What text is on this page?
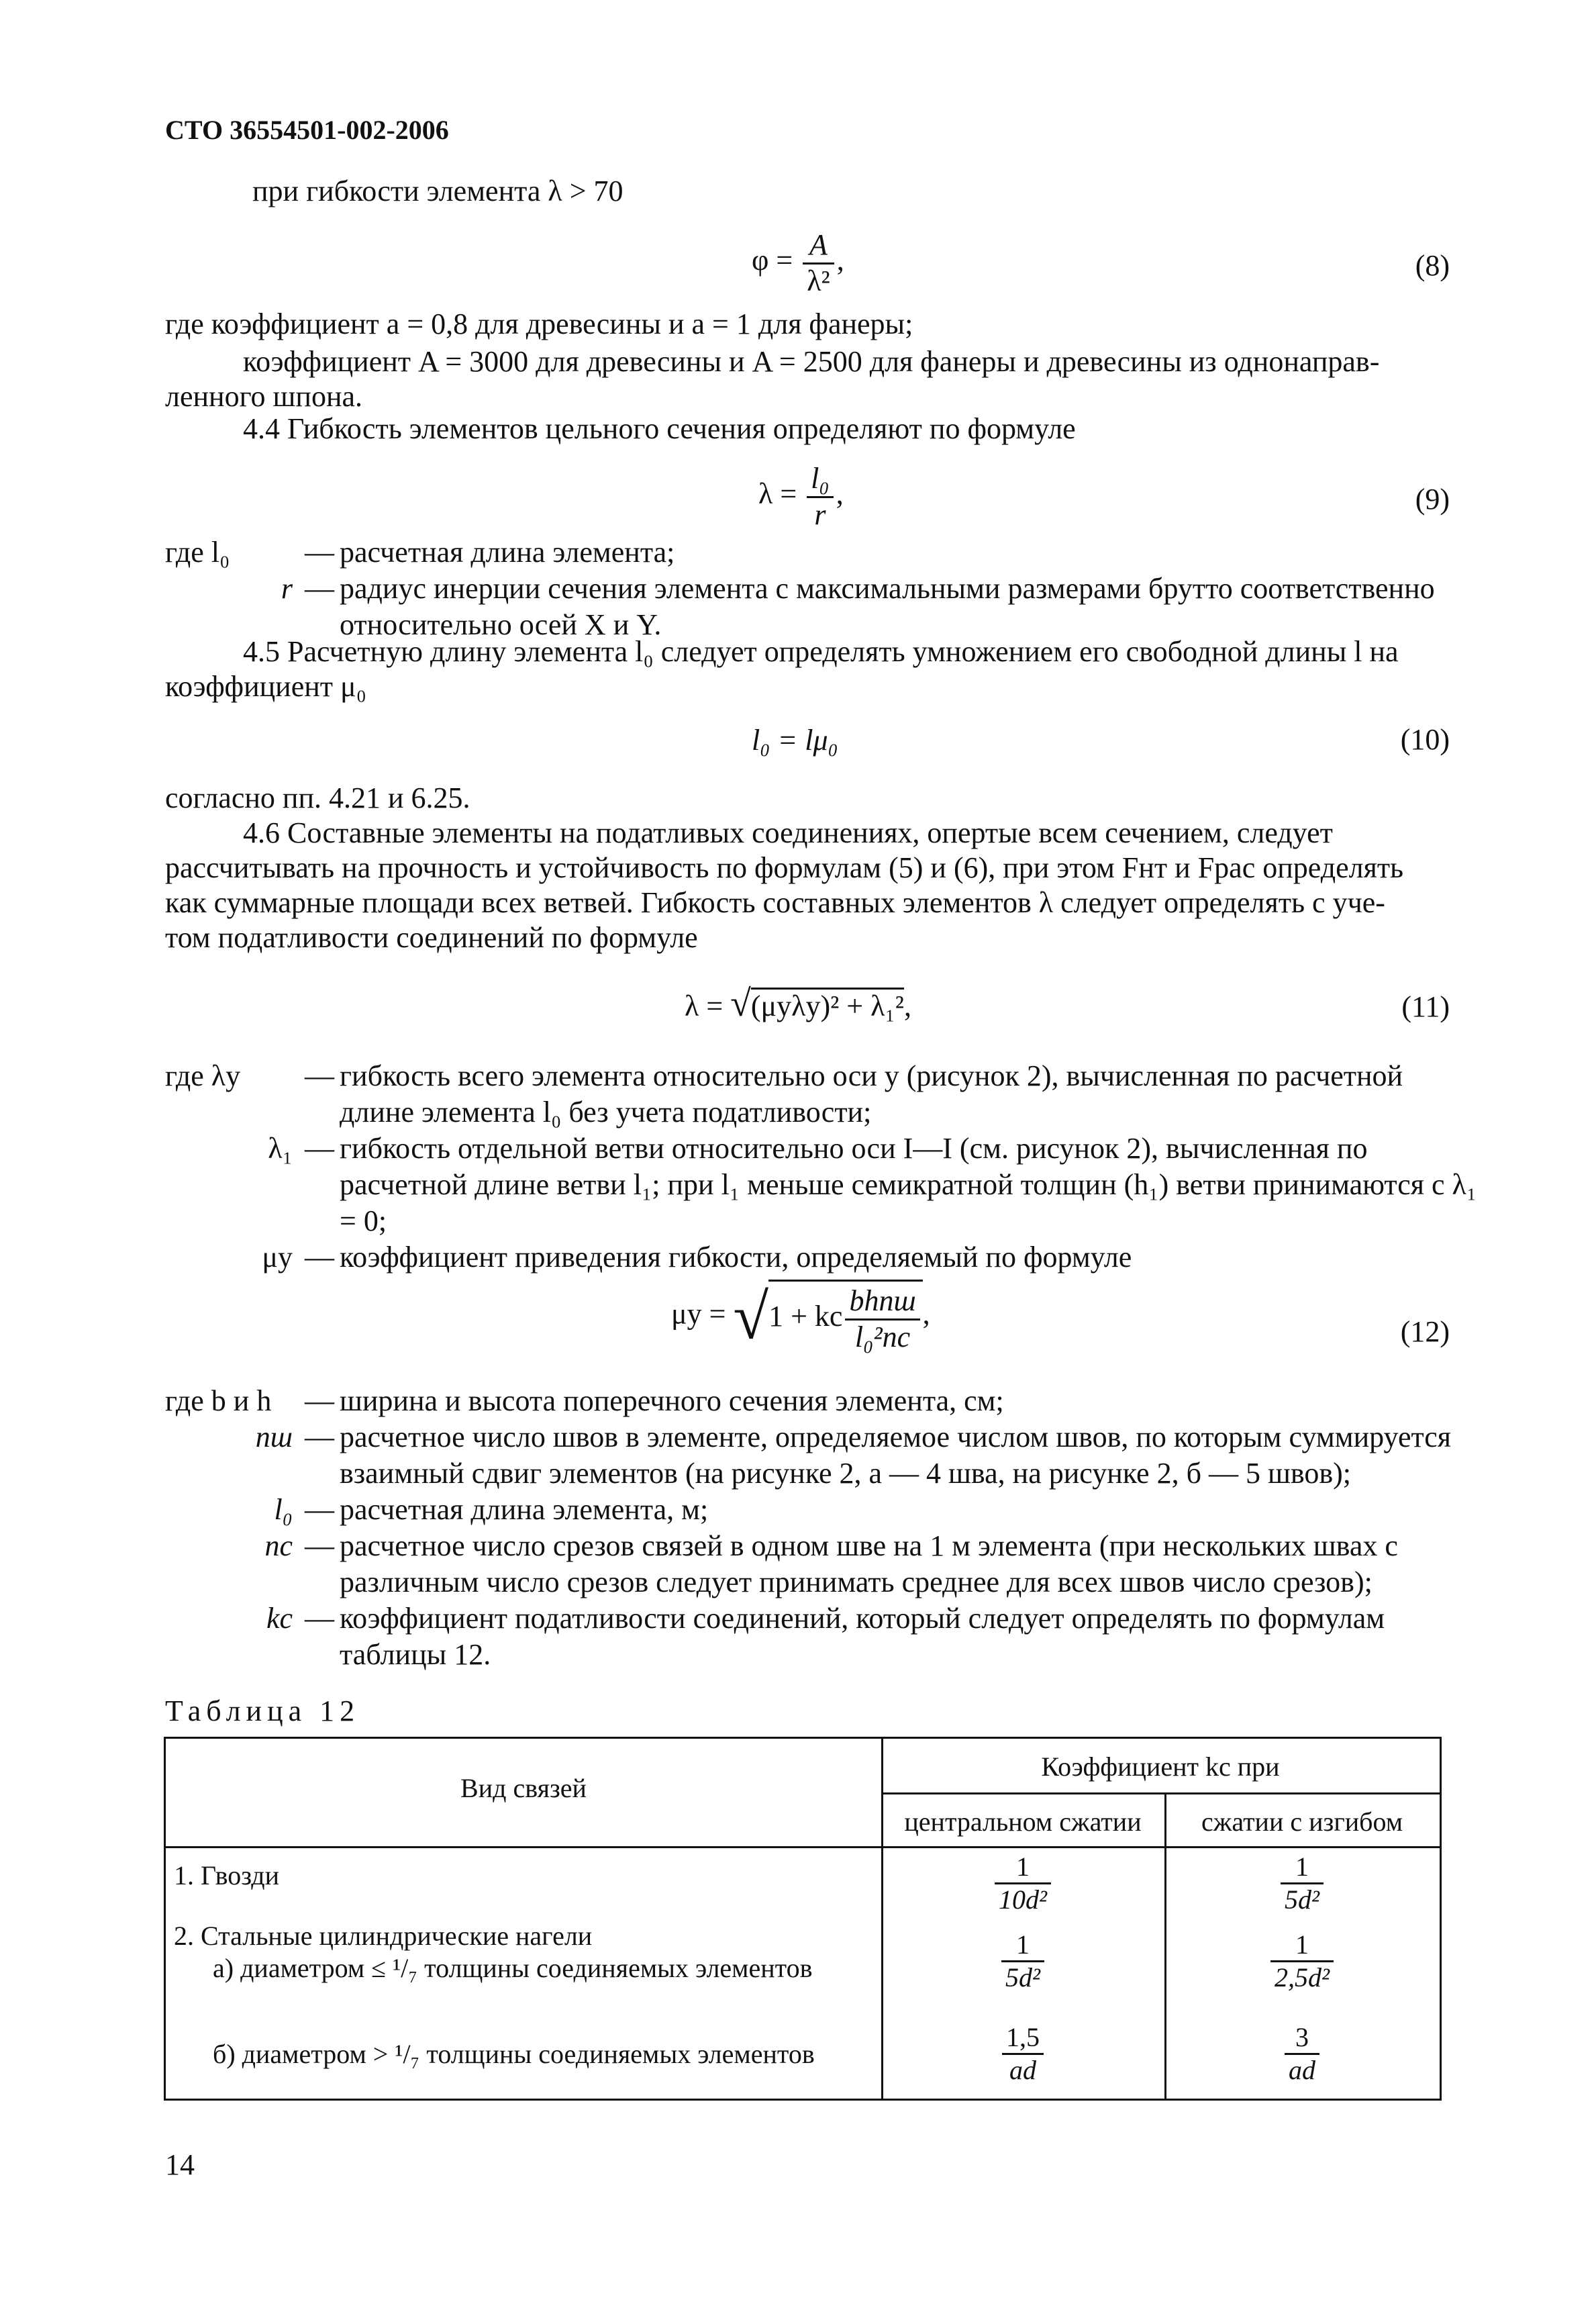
СТО 36554501-002-2006
при гибкости элемента λ > 70
$\varphi = \frac{A}{\text{λ²}}$ ,	(8)
где коэффициент a = 0,8 для древесины и a = 1 для фанеры;
коэффициент A = 3000 для древесины и A = 2500 для фанеры и древесины из однонаправ-
ленного шпона.
4.4 Гибкость элементов цельного сечения определяют по формуле
$\lambda = \frac{\text{l₀}}{r}$ ,	(9)
где l₀	— расчетная длина элемента;
r — радиус инерции сечения элемента с максимальными размерами брутто соответственно относительно осей X и Y.
4.5 Расчетную длину элемента l₀ следует определять умножением его свободной длины l на
коэффициент μ₀
l₀ = lμ₀	(10)
согласно пп. 4.21 и 6.25.
4.6 Составные элементы на податливых соединениях, опертые всем сечением, следует
рассчитывать на прочность и устойчивость по формулам (5) и (6), при этом Fнт и Fрас определять
как суммарные площади всех ветвей. Гибкость составных элементов λ следует определять с уче-
том податливости соединений по формуле
λ = √(μyλy)² + λ₁²,	(11)
где λy	— гибкость всего элемента относительно оси y (рисунок 2), вычисленная по расчетной длине элемента l₀ без учета податливости;
λ₁ — гибкость отдельной ветви относительно оси I—I (см. рисунок 2), вычисленная по расчетной длине ветви l₁; при l₁ меньше семикратной толщин (h₁) ветви принимаются с λ₁ = 0;
μy — коэффициент приведения гибкости, определяемый по формуле
μy = √1 + kc $\frac{\text{bhnш}}{\text{l₀²nc}}$ ,
(12)
где b и h	— ширина и высота поперечного сечения элемента, см;
nш — расчетное число швов в элементе, определяемое числом швов, по которым суммируется взаимный сдвиг элементов (на рисунке 2, а — 4 шва, на рисунке 2, б — 5 швов);
l₀ — расчетная длина элемента, м;
nc — расчетное число срезов связей в одном шве на 1 м элемента (при нескольких швах с различным число срезов следует принимать среднее для всех швов число срезов);
kc — коэффициент податливости соединений, который следует определять по формулам таблицы 12.
Таблица 12
Вид связей
Коэффициент kc при
центральном сжатии	сжатии с изгибом
1. Гвозди	$\frac{1}{\text{10d²}}$	$\frac{1}{\text{5d²}}$
2. Стальные цилиндрические нагели
а) диаметром ≤ ¹/₇ толщины соединяемых элементов	$\frac{1}{\text{5d²}}$	$\frac{1}{\text{2,5d²}}$
б) диаметром > ¹/₇ толщины соединяемых элементов	$\frac{1,5}{ad}$	$\frac{3}{ad}$
14
